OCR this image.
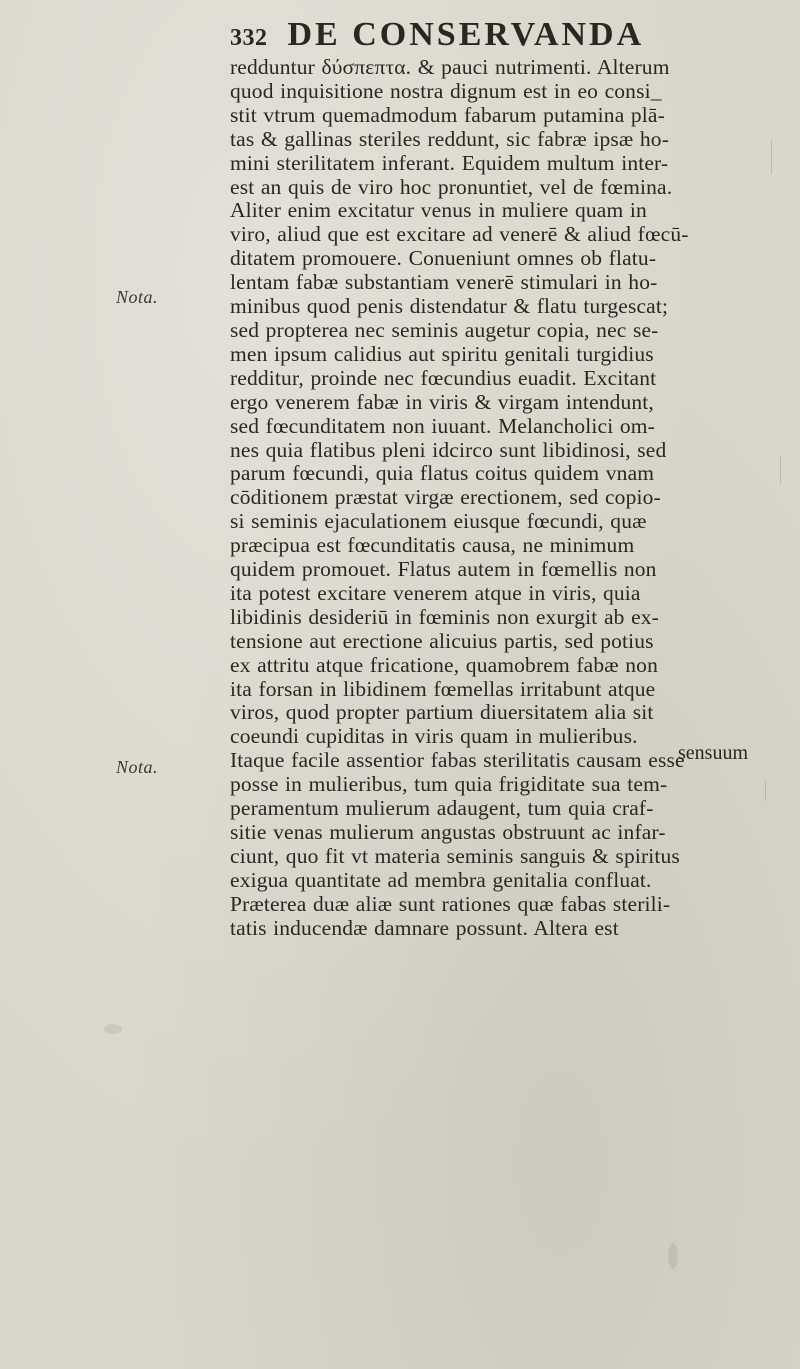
332 DE CONSERVANDA
Nota.
Nota.
redduntur δύσπεπτα. & pauci nutrimenti. Alterum
quod inquisitione nostra dignum est in eo consi_
stit vtrum quemadmodum fabarum putamina plā-
tas & gallinas steriles reddunt, sic fabræ ipsæ ho-
mini sterilitatem inferant. Equidem multum inter-
est an quis de viro hoc pronuntiet, vel de fœmina.
Aliter enim excitatur venus in muliere quam in
viro, aliud que est excitare ad venerē & aliud fœcū-
ditatem promouere. Conueniunt omnes ob flatu-
lentam fabæ substantiam venerē stimulari in ho-
minibus quod penis distendatur & flatu turgescat;
sed propterea nec seminis augetur copia, nec se-
men ipsum calidius aut spiritu genitali turgidius
redditur, proinde nec fœcundius euadit. Excitant
ergo venerem fabæ in viris & virgam intendunt,
sed fœcunditatem non iuuant. Melancholici om-
nes quia flatibus pleni idcirco sunt libidinosi, sed
parum fœcundi, quia flatus coitus quidem vnam
cōditionem præstat virgæ erectionem, sed copio-
si seminis ejaculationem eiusque fœcundi, quæ
præcipua est fœcunditatis causa, ne minimum
quidem promouet. Flatus autem in fœmellis non
ita potest excitare venerem atque in viris, quia
libidinis desideriū in fœminis non exurgit ab ex-
tensione aut erectione alicuius partis, sed potius
ex attritu atque fricatione, quamobrem fabæ non
ita forsan in libidinem fœmellas irritabunt atque
viros, quod propter partium diuersitatem alia sit
coeundi cupiditas in viris quam in mulieribus.
Itaque facile assentior fabas sterilitatis causam esse
posse in mulieribus, tum quia frigiditate sua tem-
peramentum mulierum adaugent, tum quia craf-
sitie venas mulierum angustas obstruunt ac infar-
ciunt, quo fit vt materia seminis sanguis & spiritus
exigua quantitate ad membra genitalia confluat.
Præterea duæ aliæ sunt rationes quæ fabas sterili-
tatis inducendæ damnare possunt. Altera est
sensuum
